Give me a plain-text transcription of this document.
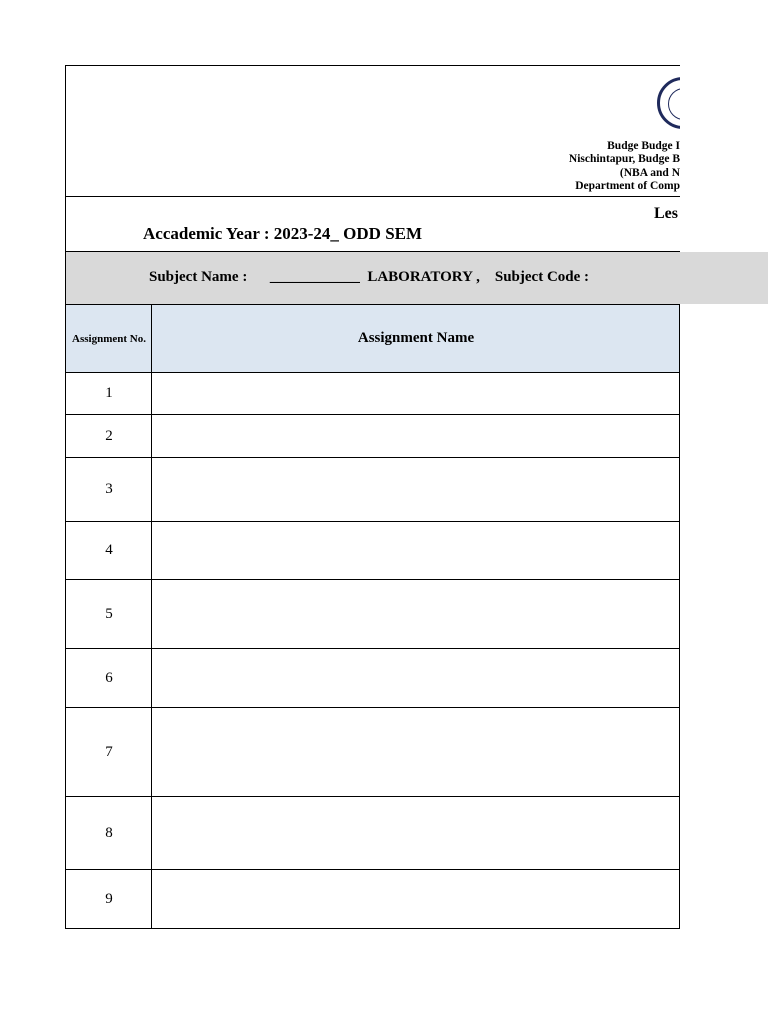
Budge Budge I
Nischintapur, Budge B
(NBA and N
Department of Comp
Les
Accademic Year : 2023-24_ ODD SEM
Subject Name :      ____________  LABORATORY ,    Subject Code :
Assignment No.	Assignment Name
1
2
3
4
5
6
7
8
9
